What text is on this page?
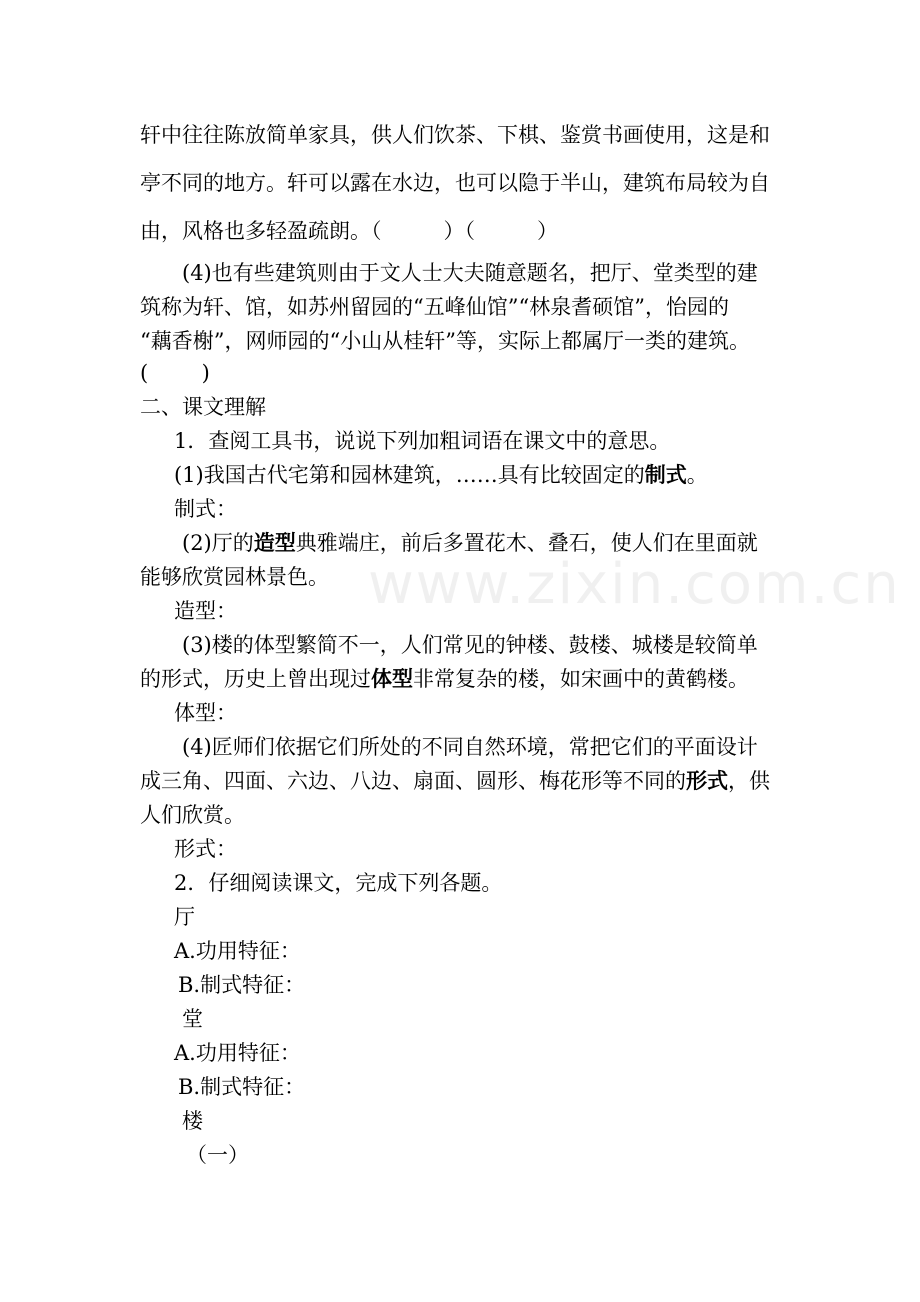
www.zixin.com.cn

轩中往往陈放简单家具，供人们饮茶、下棋、鉴赏书画使用，这是和

亭不同的地方。轩可以露在水边，也可以隐于半山，建筑布局较为自

由，风格也多轻盈疏朗。（	）（	）

(4)也有些建筑则由于文人士大夫随意题名，把厅、堂类型的建

筑称为轩、馆，如苏州留园的“五峰仙馆”“林泉耆硕馆”，怡园的

“藕香榭”，网师园的“小山从桂轩”等，实际上都属厅一类的建筑。

(        )

二、课文理解

1．查阅工具书，说说下列加粗词语在课文中的意思。

(1)我国古代宅第和园林建筑，……具有比较固定的制式。

制式：

(2)厅的造型典雅端庄，前后多置花木、叠石，使人们在里面就

能够欣赏园林景色。

造型：

(3)楼的体型繁简不一，人们常见的钟楼、鼓楼、城楼是较简单

的形式，历史上曾出现过体型非常复杂的楼，如宋画中的黄鹤楼。

体型：

(4)匠师们依据它们所处的不同自然环境，常把它们的平面设计

成三角、四面、六边、八边、扇面、圆形、梅花形等不同的形式，供

人们欣赏。

形式：

2．仔细阅读课文，完成下列各题。

厅

A.功用特征：

B.制式特征：

堂

A.功用特征：

B.制式特征：

楼

（一）
